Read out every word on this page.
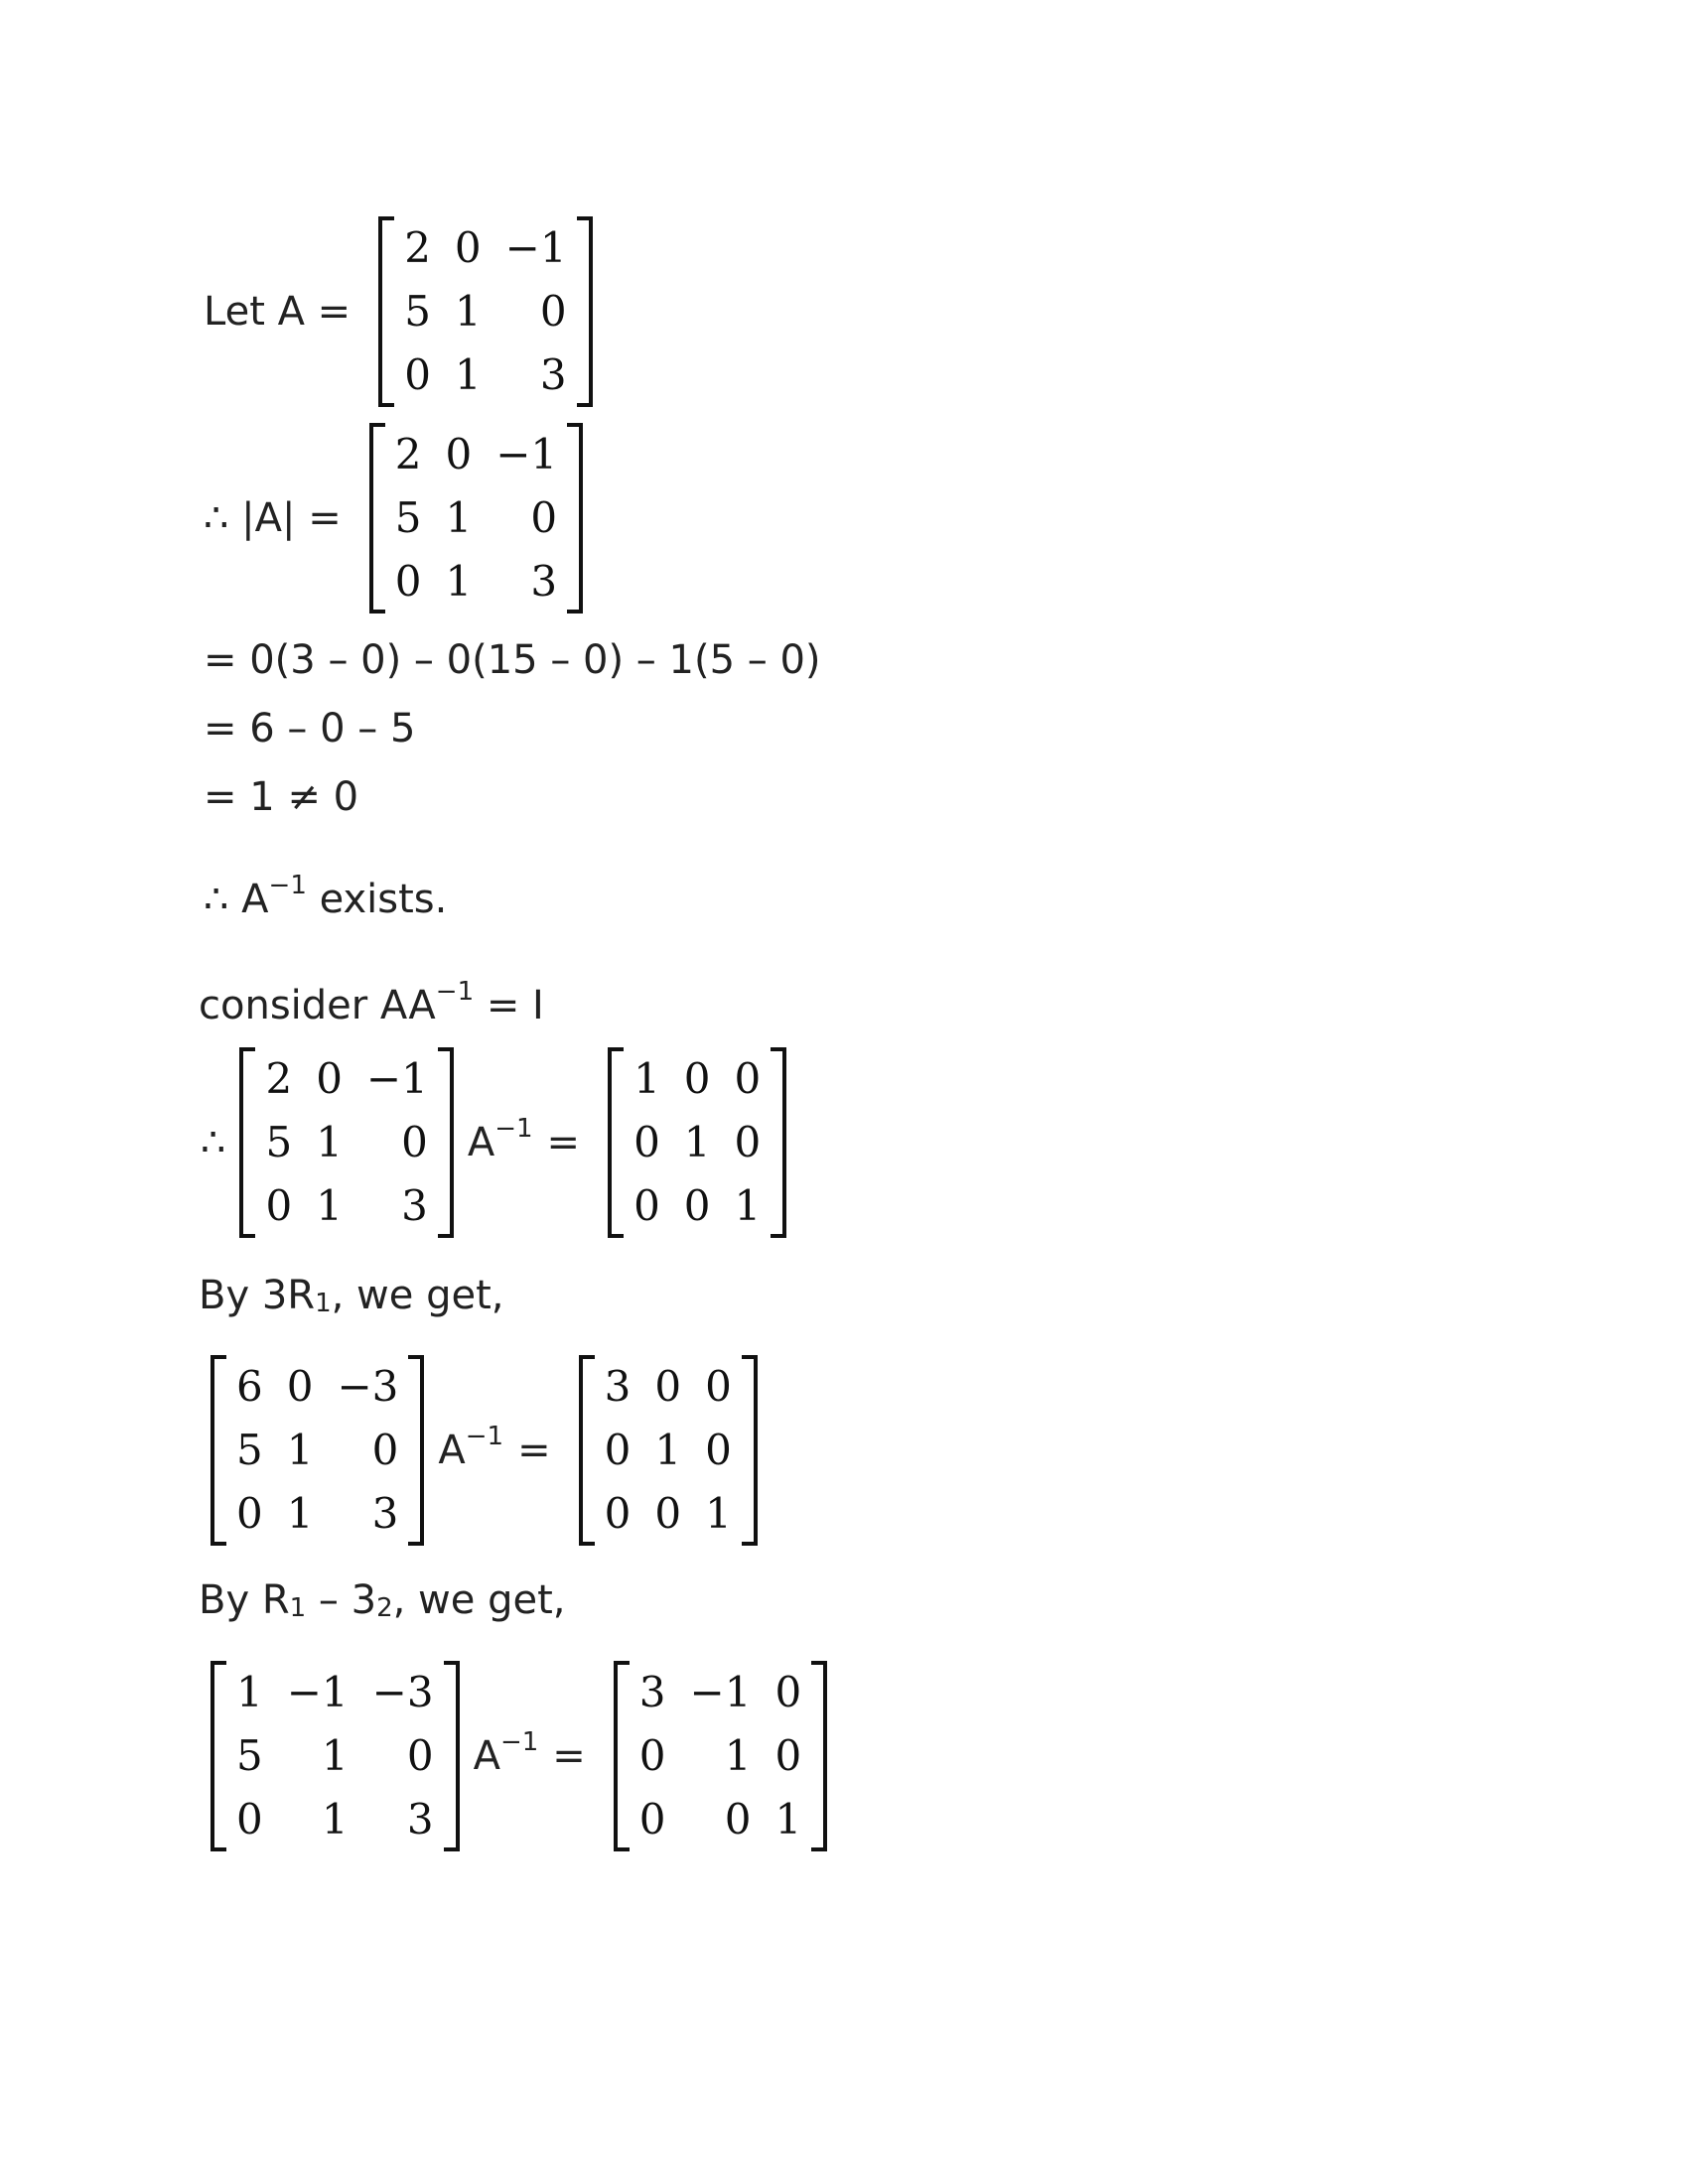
Let A =
2	0	−1
5	1	0
0	1	3
∴ |A| =
2	0	−1
5	1	0
0	1	3
= 0(3 – 0) – 0(15 – 0) – 1(5 – 0)
= 6 – 0 – 5
= 1 ≠ 0
∴ $A^{-1}$ exists.
consider $AA^{-1} = I$
∴
2	0	−1
5	1	0
0	1	3
$A^{-1}$ =
1	0	0
0	1	0
0	0	1
By $3R_1$ , we get,
6	0	−3
5	1	0
0	1	3
$A^{-1}$ =
3	0	0
0	1	0
0	0	1
By $R_1 - 3_2$ , we get,
1	−1	−3
5	1	0
0	1	3
$A^{-1}$ =
3	−1	0
0	1	0
0	0	1
